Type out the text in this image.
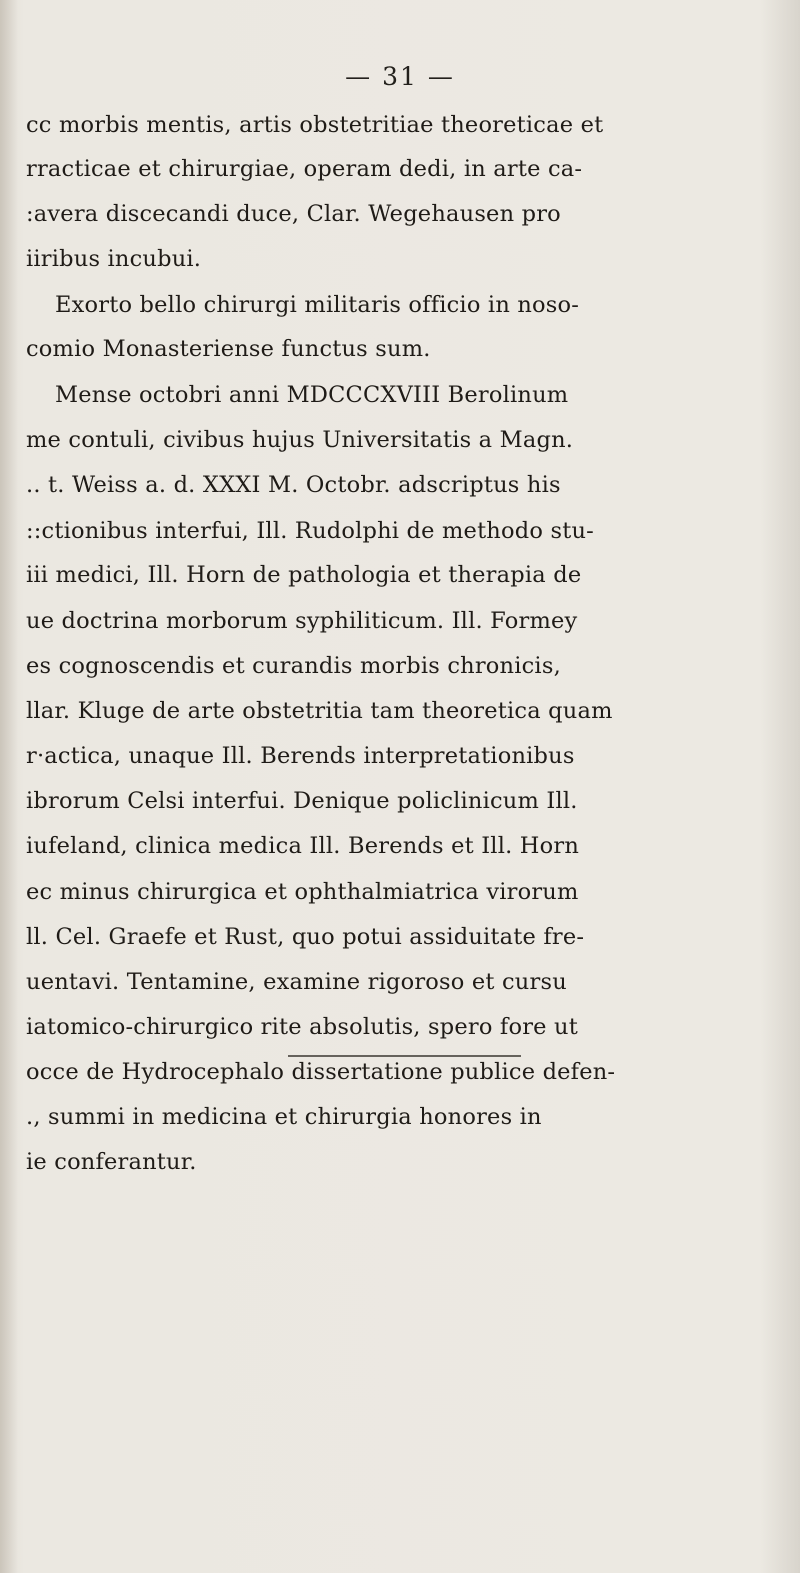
— 31 —
cc morbis mentis, artis obstetritiae theoreticae et
rracticae et chirurgiae, operam dedi, in arte ca-
:avera discecandi duce, Clar. Wegehausen pro
iiribus incubui.
Exorto bello chirurgi militaris officio in noso-
comio Monasteriense functus sum.
Mense octobri anni MDCCCXVIII Berolinum
me contuli, civibus hujus Universitatis a Magn.
.. t. Weiss a. d. XXXI M. Octobr. adscriptus his
::ctionibus interfui, Ill. Rudolphi de methodo stu-
iii medici, Ill. Horn de pathologia et therapia de
ue doctrina morborum syphiliticum. Ill. Formey
es cognoscendis et curandis morbis chronicis,
llar. Kluge de arte obstetritia tam theoretica quam
r·actica, unaque Ill. Berends interpretationibus
ibrorum Celsi interfui. Denique policlinicum Ill.
iufeland, clinica medica Ill. Berends et Ill. Horn
ec minus chirurgica et ophthalmiatrica virorum
ll. Cel. Graefe et Rust, quo potui assiduitate fre-
uentavi. Tentamine, examine rigoroso et cursu
iatomico-chirurgico rite absolutis, spero fore ut
occe de Hydrocephalo dissertatione publice defen-
., summi in medicina et chirurgia honores in
ie conferantur.
